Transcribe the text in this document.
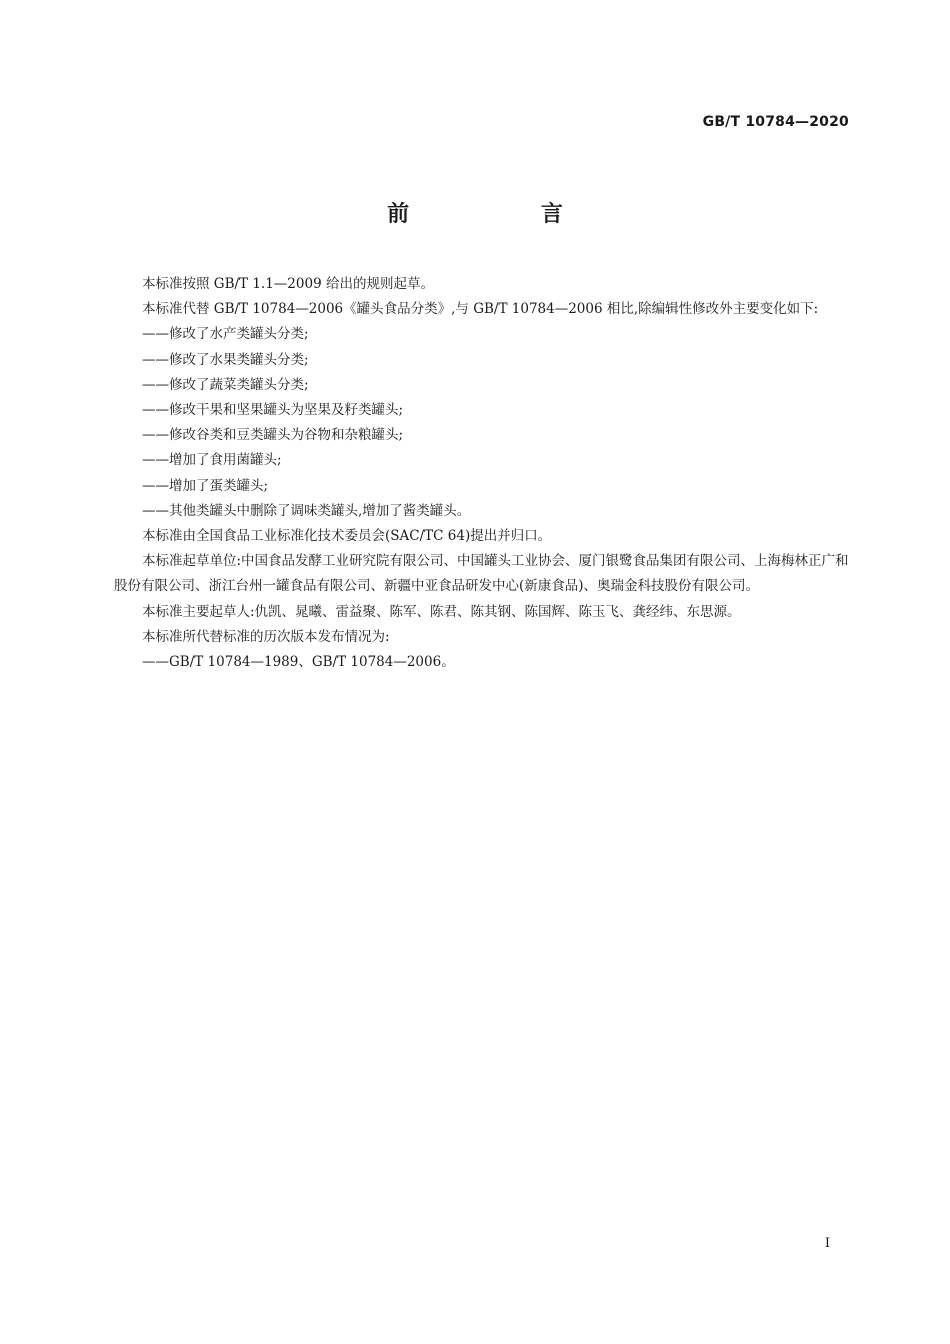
GB/T 10784—2020
前 言

本标准按照 GB/T 1.1—2009 给出的规则起草。

本标准代替 GB/T 10784—2006《罐头食品分类》,与 GB/T 10784—2006 相比,除编辑性修改外主要变化如下:

——修改了水产类罐头分类;
——修改了水果类罐头分类;
——修改了蔬菜类罐头分类;
——修改干果和坚果罐头为坚果及籽类罐头;
——修改谷类和豆类罐头为谷物和杂粮罐头;
——增加了食用菌罐头;
——增加了蛋类罐头;
——其他类罐头中删除了调味类罐头,增加了酱类罐头。

本标准由全国食品工业标准化技术委员会(SAC/TC 64)提出并归口。

本标准起草单位:中国食品发酵工业研究院有限公司、中国罐头工业协会、厦门银鹭食品集团有限公司、上海梅林正广和股份有限公司、浙江台州一罐食品有限公司、新疆中亚食品研发中心(新康食品)、奥瑞金科技股份有限公司。

本标准主要起草人:仇凯、晁曦、雷益聚、陈军、陈君、陈其钢、陈国辉、陈玉飞、龚经纬、东思源。

本标准所代替标准的历次版本发布情况为:

——GB/T 10784—1989、GB/T 10784—2006。
I
